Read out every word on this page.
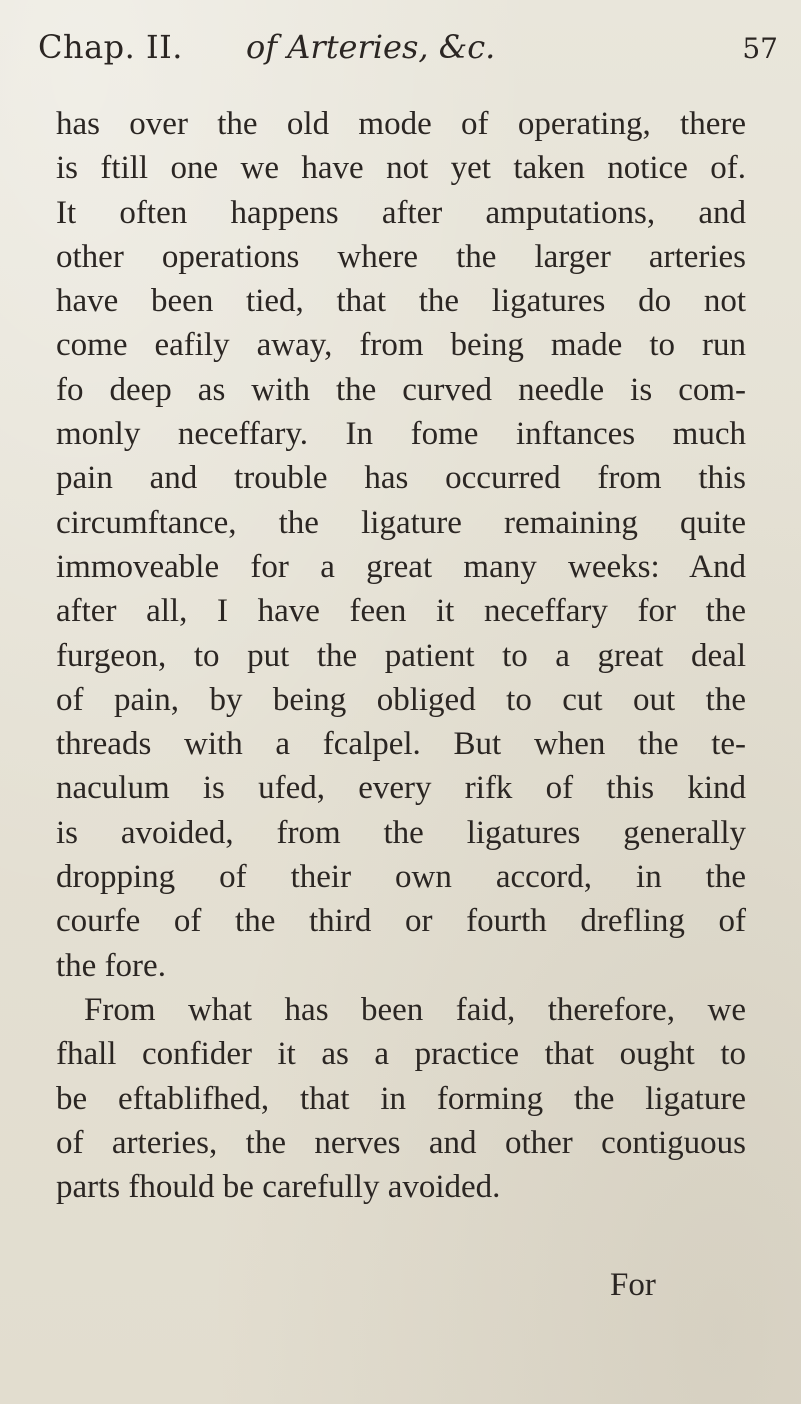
Chap. II. of Arteries, &c.	57
has over the old mode of operating, there
is ftill one we have not yet taken notice of.
It often happens after amputations, and
other operations where the larger arteries
have been tied, that the ligatures do not
come eafily away, from being made to run
fo deep as with the curved needle is com-
monly neceffary. In fome inftances much
pain and trouble has occurred from this
circumftance, the ligature remaining quite
immoveable for a great many weeks: And
after all, I have feen it neceffary for the
furgeon, to put the patient to a great deal
of pain, by being obliged to cut out the
threads with a fcalpel. But when the te-
naculum is ufed, every rifk of this kind
is avoided, from the ligatures generally
dropping of their own accord, in the
courfe of the third or fourth drefling of
the fore.
From what has been faid, therefore, we
fhall confider it as a practice that ought to
be eftablifhed, that in forming the ligature
of arteries, the nerves and other contiguous
parts fhould be carefully avoided.
For
